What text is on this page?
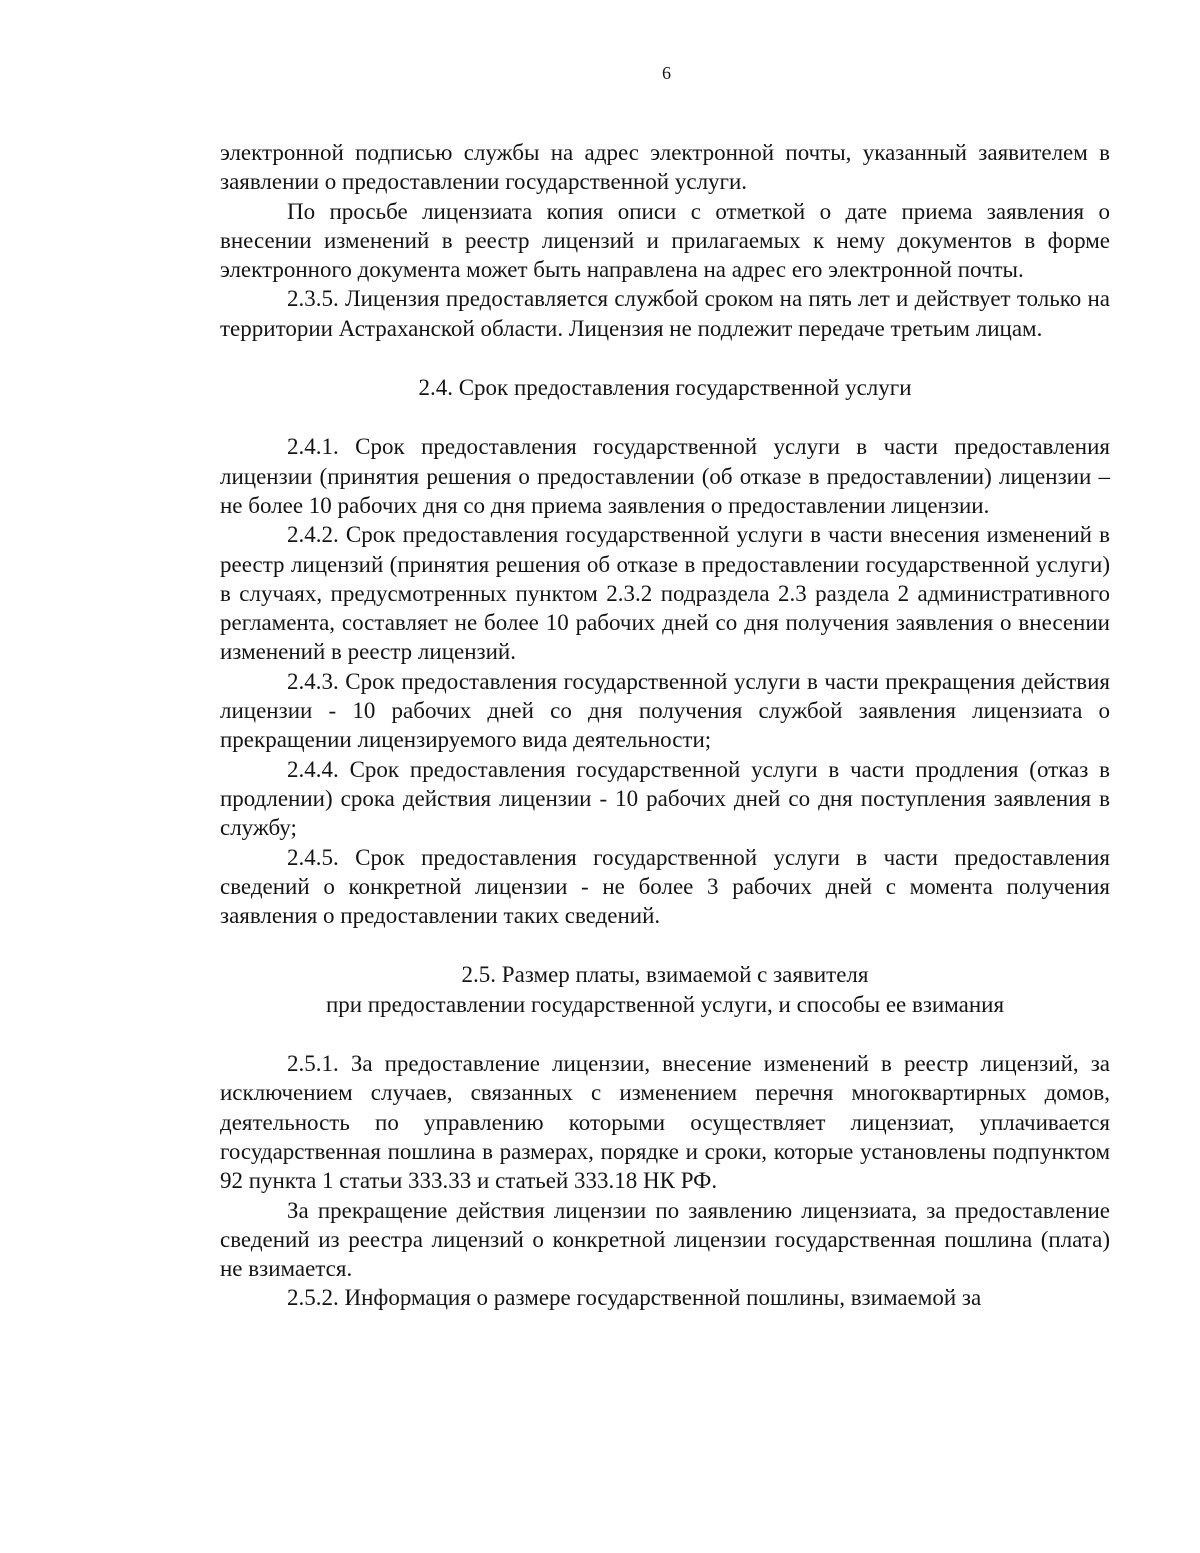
6

электронной подписью службы на адрес электронной почты, указанный заявителем в заявлении о предоставлении государственной услуги.

По просьбе лицензиата копия описи с отметкой о дате приема заявления о внесении изменений в реестр лицензий и прилагаемых к нему документов в форме электронного документа может быть направлена на адрес его электронной почты.

2.3.5. Лицензия предоставляется службой сроком на пять лет и действует только на территории Астраханской области. Лицензия не подлежит передаче третьим лицам.

2.4. Срок предоставления государственной услуги

2.4.1. Срок предоставления государственной услуги в части предоставления лицензии (принятия решения о предоставлении (об отказе в предоставлении) лицензии – не более 10 рабочих дня со дня приема заявления о предоставлении лицензии.

2.4.2. Срок предоставления государственной услуги в части внесения изменений в реестр лицензий (принятия решения об отказе в предоставлении государственной услуги) в случаях, предусмотренных пунктом 2.3.2 подраздела 2.3 раздела 2 административного регламента, составляет не более 10 рабочих дней со дня получения заявления о внесении изменений в реестр лицензий.

2.4.3. Срок предоставления государственной услуги в части прекращения действия лицензии - 10 рабочих дней со дня получения службой заявления лицензиата о прекращении лицензируемого вида деятельности;

2.4.4. Срок предоставления государственной услуги в части продления (отказ в продлении) срока действия лицензии - 10 рабочих дней со дня поступления заявления в службу;

2.4.5. Срок предоставления государственной услуги в части предоставления сведений о конкретной лицензии - не более 3 рабочих дней с момента получения заявления о предоставлении таких сведений.

2.5. Размер платы, взимаемой с заявителя
при предоставлении государственной услуги, и способы ее взимания

2.5.1. За предоставление лицензии, внесение изменений в реестр лицензий, за исключением случаев, связанных с изменением перечня многоквартирных домов, деятельность по управлению которыми осуществляет лицензиат, уплачивается государственная пошлина в размерах, порядке и сроки, которые установлены подпунктом 92 пункта 1 статьи 333.33 и статьей 333.18 НК РФ.

За прекращение действия лицензии по заявлению лицензиата, за предоставление сведений из реестра лицензий о конкретной лицензии государственная пошлина (плата) не взимается.

2.5.2. Информация о размере государственной пошлины, взимаемой за
